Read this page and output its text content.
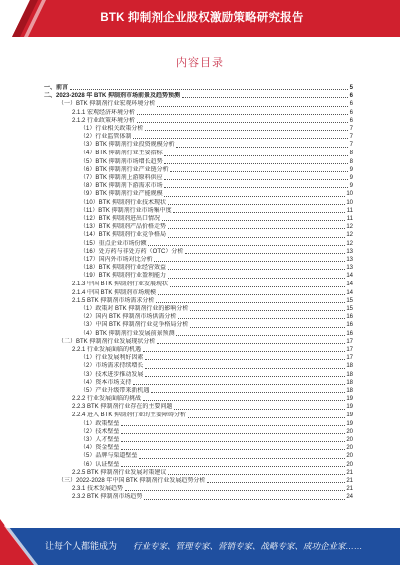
BTK 抑制剂企业股权激励策略研究报告
内容目录
一、前言	5
二、2023-2028 年 BTK 抑制剂市场前景及趋势预测	6
（一）BTK 抑制剂行业宏观环境分析	6
2.1.1 宏观经济环境分析	6
2.1.2 行业政策环境分析	6
（1）行业相关政策分析	7
（2）行业监管体制	7
（3）BTK 抑制剂行业投资规模分析	7
（4）BTK 抑制剂行业主要指标	8
（5）BTK 抑制剂市场增长趋势	8
（6）BTK 抑制剂行业产业链分析	9
（7）BTK 抑制剂上游原料供应	9
（8）BTK 抑制剂下游需求市场	9
（9）BTK 抑制剂行业产能规模	10
（10）BTK 抑制剂行业技术现状	10
（11）BTK 抑制剂行业市场集中度	11
（12）BTK 抑制剂进出口情况	11
（13）BTK 抑制剂产品价格走势	12
（14）BTK 抑制剂行业竞争格局	12
（15）重点企业市场份额	12
（16）处方药与非处方药（OTC）分析	13
（17）国内外市场对比分析	13
（18）BTK 抑制剂行业经营效益	13
（19）BTK 抑制剂行业盈利能力	14
2.1.3 中国 BTK 抑制剂行业发展现状	14
2.1.4 中国 BTK 抑制剂市场规模	14
2.1.5 BTK 抑制剂市场需求分析	15
（1）政策对 BTK 抑制剂行业的影响分析	15
（2）国内 BTK 抑制剂市场供需分析	16
（3）中国 BTK 抑制剂行业竞争格局分析	16
（4）BTK 抑制剂行业发展前景预测	16
（二）BTK 抑制剂行业发展现状分析	17
2.2.1 行业发展面临的机遇	17
（1）行业发展利好因素	17
（2）市场需求持续增长	18
（3）技术进步推动发展	18
（4）资本市场支持	18
（5）产业升级带来新机遇	18
2.2.2 行业发展面临的挑战	19
2.2.3 BTK 抑制剂行业存在的主要问题	19
2.2.4 进入 BTK 抑制剂行业的主要障碍分析	19
（1）政策壁垒	19
（2）技术壁垒	20
（3）人才壁垒	20
（4）资金壁垒	20
（5）品牌与渠道壁垒	20
（6）认证壁垒	20
2.2.5 BTK 抑制剂行业发展对策建议	21
（三）2022-2028 年中国 BTK 抑制剂行业发展趋势分析	21
2.3.1 技术发展趋势	21
2.3.2 BTK 抑制剂市场趋势	24
让每个人都能成为 行业专家、管理专家、营销专家、战略专家、成功企业家……
